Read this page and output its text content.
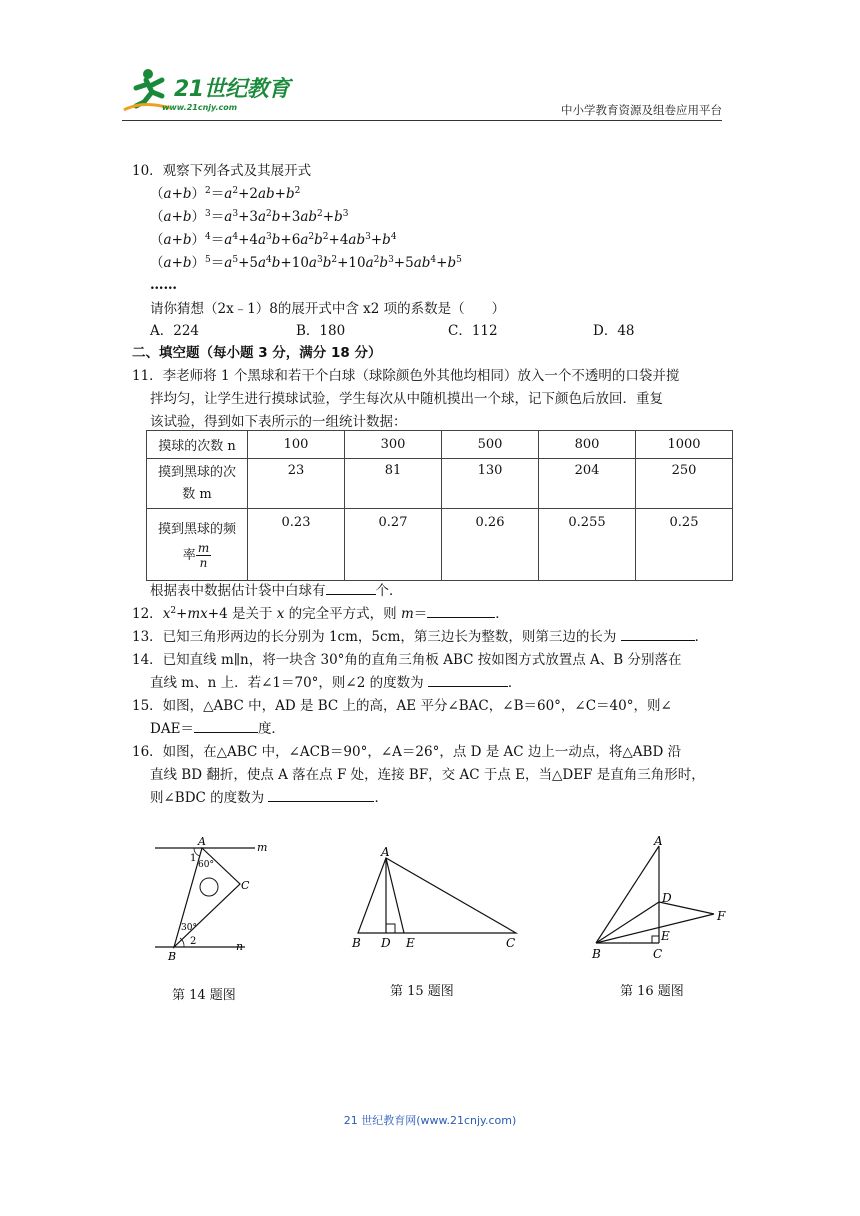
21世纪教育
www.21cnjy.com	中小学教育资源及组卷应用平台
10．观察下列各式及其展开式
$(a+b)^2=a^2+2ab+b^2$
$(a+b)^3=a^3+3a^2b+3ab^2+b^3$
$(a+b)^4=a^4+4a^3b+6a^2b^2+4ab^3+b^4$
$(a+b)^5=a^5+5a^4b+10a^3b^2+10a^2b^3+5ab^4+b^5$
……
请你猜想（2x﹣1）8的展开式中含 x2 项的系数是（　　）
A．224	B．180	C．112	D．48
二、填空题（每小题 3 分，满分 18 分）
11．李老师将 1 个黑球和若干个白球（球除颜色外其他均相同）放入一个不透明的口袋并搅
拌均匀，让学生进行摸球试验，学生每次从中随机摸出一个球，记下颜色后放回．重复
该试验，得到如下表所示的一组统计数据：
摸球的次数 n	100	300	500	800	1000
摸到黑球的次
数 m	23	81	130	204	250
摸到黑球的频
率 $\frac{m}{n}$	0.23	0.27	0.26	0.255	0.25
根据表中数据估计袋中白球有	个．
12．$x^2+mx+4$ 是关于 x 的完全平方式，则 m＝	．
13．已知三角形两边的长分别为 1cm，5cm，第三边长为整数，则第三边的长为	．
14．已知直线 m∥n，将一块含 30°角的直角三角板 ABC 按如图方式放置点 A、B 分别落在
直线 m、n 上．若∠1＝70°，则∠2 的度数为	．
15．如图，△ABC 中，AD 是 BC 上的高，AE 平分∠BAC，∠B＝60°，∠C＝40°，则∠
DAE＝	度．
16．如图，在△ABC 中，∠ACB＝90°，∠A＝26°，点 D 是 AC 边上一动点，将△ABD 沿
直线 BD 翻折，使点 A 落在点 F 处，连接 BF，交 AC 于点 E，当△DEF 是直角三角形时，
则∠BDC 的度数为	．
A	m
1
60°
C
30°
2	n
B
第 14 题图
A
B D E	C
第 15 题图
A
D
F
E
B	C
第 16 题图
21 世纪教育网(www.21cnjy.com)
